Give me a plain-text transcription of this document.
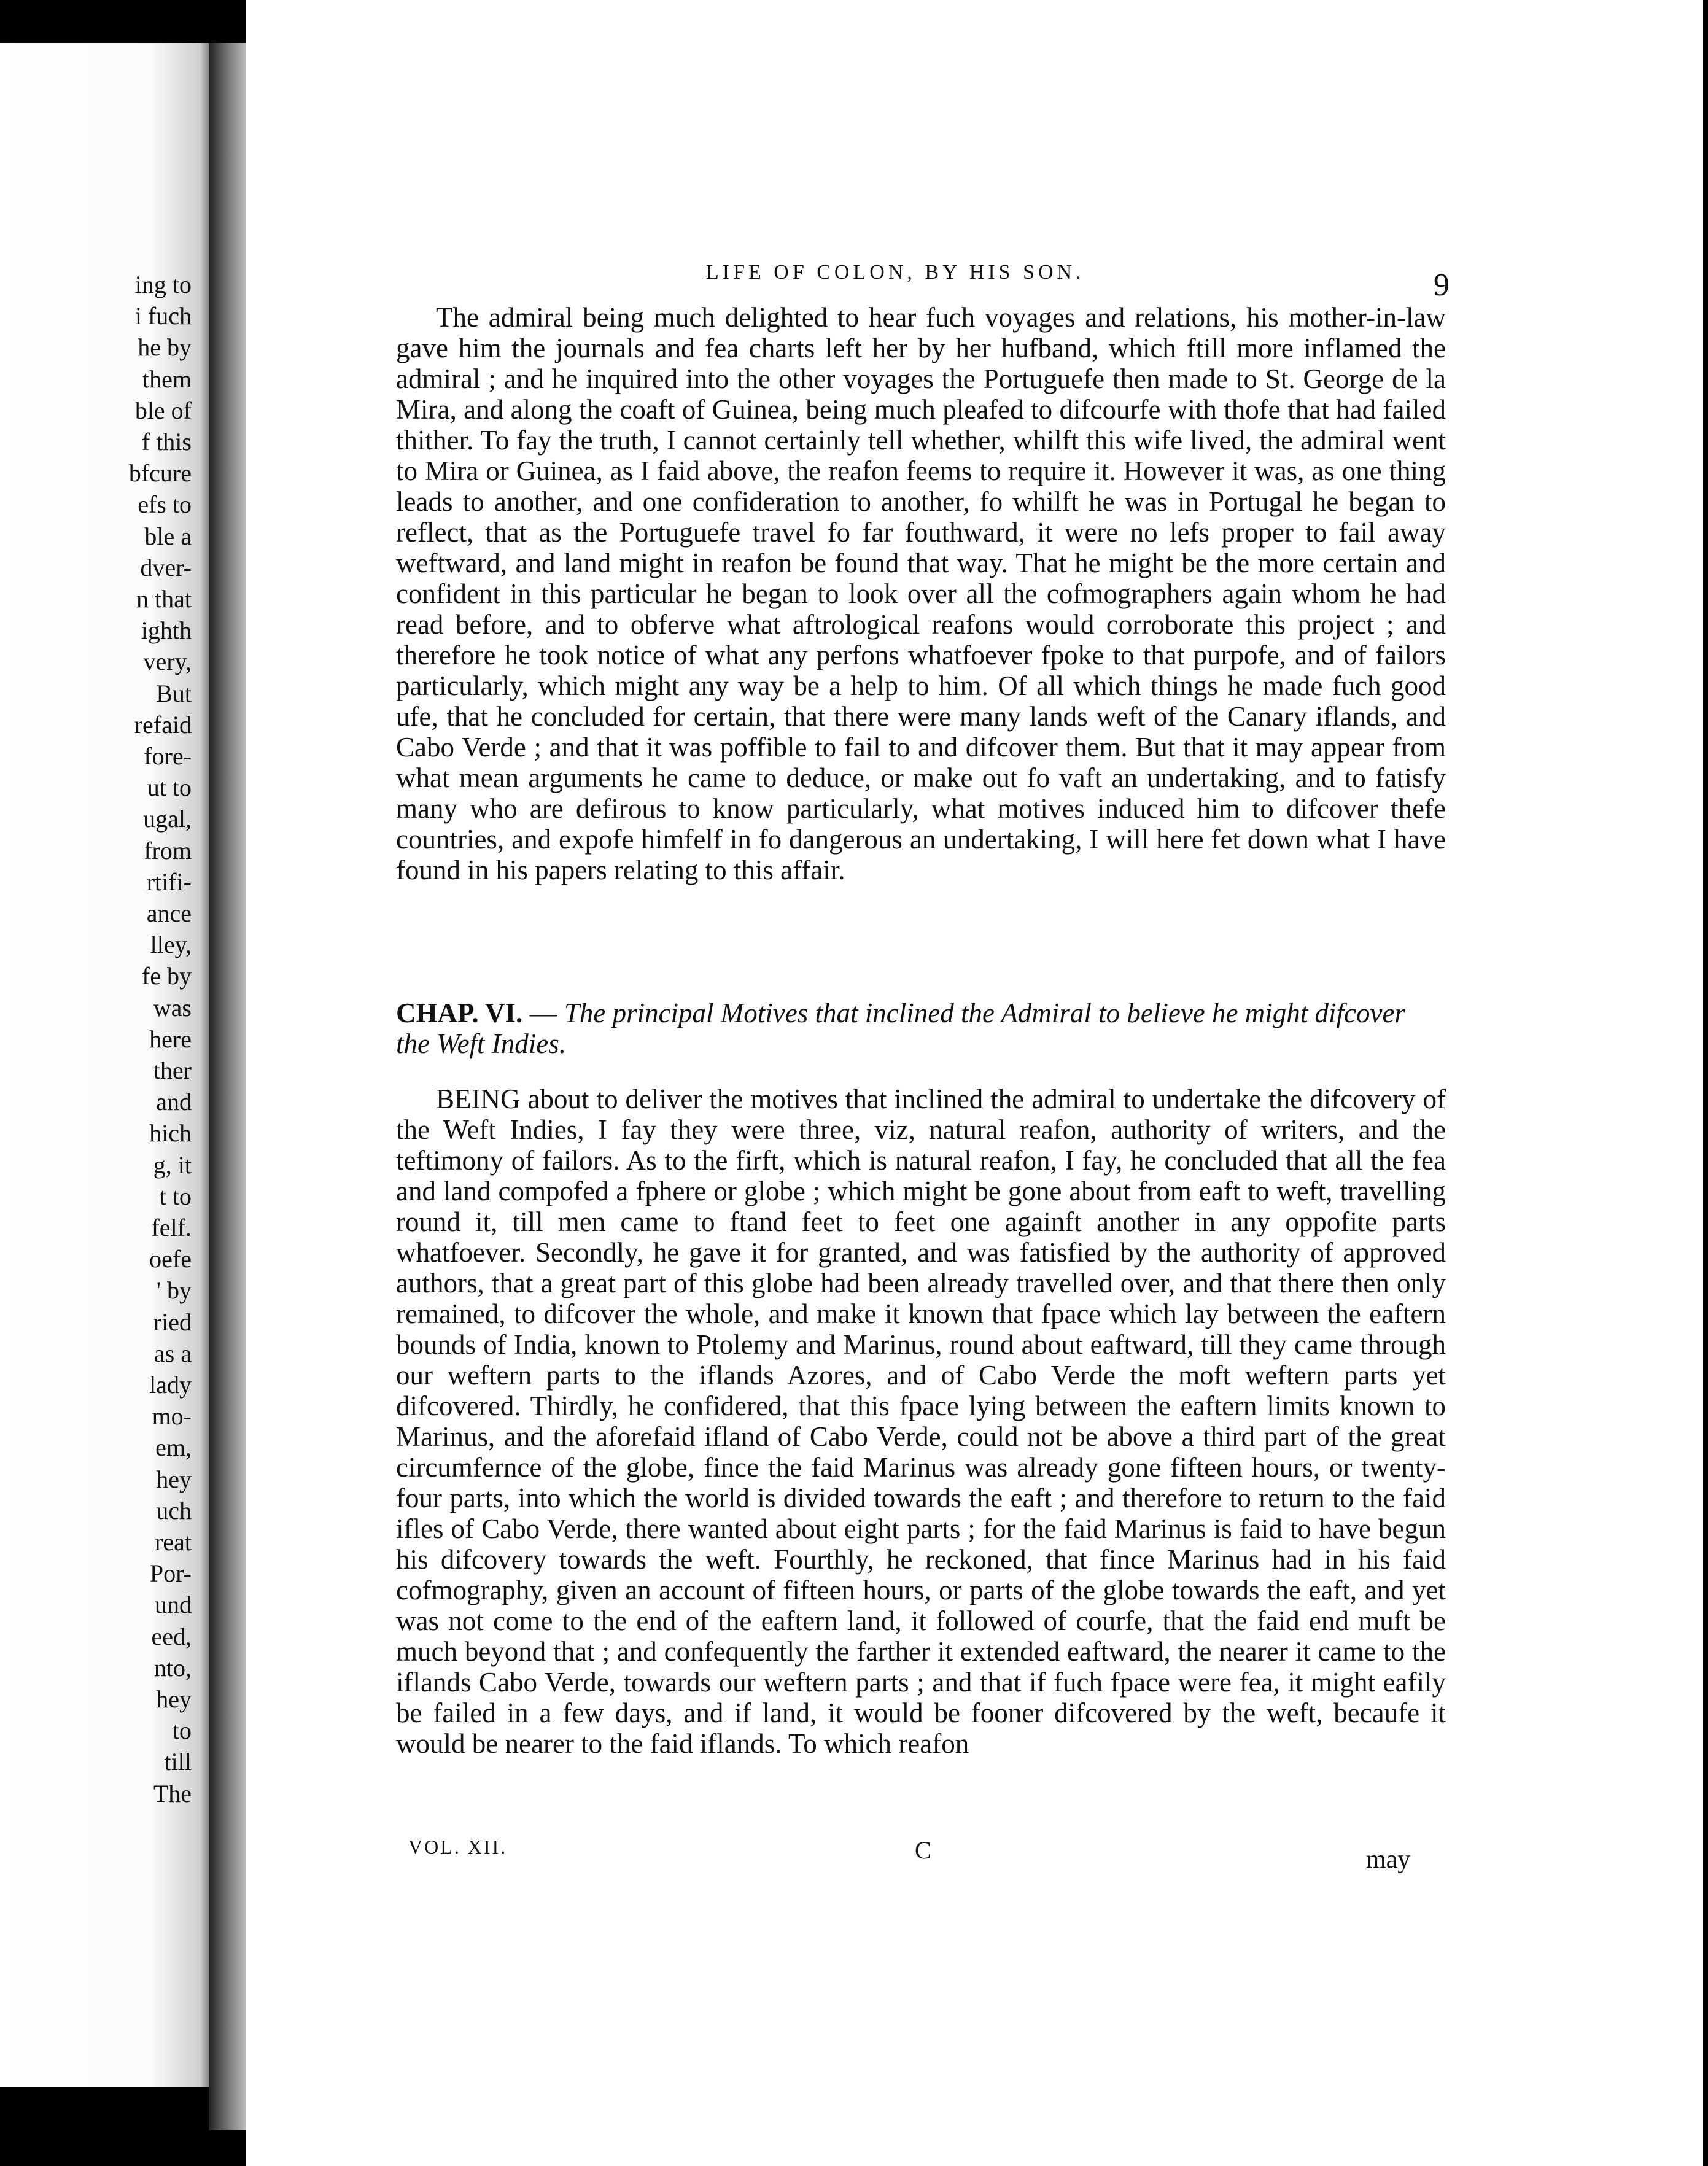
ing to
i fuch
he by
them
ble of
f this
bfcure
efs to
ble a
dver-
n that
ighth
very,
But
refaid
fore-
ut to
ugal,
from
rtifi-
ance
lley,
fe by
was
here
ther
and
hich
g, it
t to
felf.
oefe
' by
ried
as a
lady
mo-
em,
hey
uch
reat
Por-
und
eed,
nto,
hey
to
till
The
LIFE OF COLON, BY HIS SON.	9
The admiral being much delighted to hear fuch voyages and relations, his mother-in-law gave him the journals and fea charts left her by her hufband, which ftill more inflamed the admiral ; and he inquired into the other voyages the Portuguefe then made to St. George de la Mira, and along the coaft of Guinea, being much pleafed to difcourfe with thofe that had failed thither. To fay the truth, I cannot certainly tell whether, whilft this wife lived, the admiral went to Mira or Guinea, as I faid above, the reafon feems to require it. However it was, as one thing leads to another, and one confideration to another, fo whilft he was in Portugal he began to reflect, that as the Portuguefe travel fo far fouthward, it were no lefs proper to fail away weftward, and land might in reafon be found that way. That he might be the more certain and confident in this particular he began to look over all the cofmographers again whom he had read before, and to obferve what aftrological reafons would corroborate this project ; and therefore he took notice of what any perfons whatfoever fpoke to that purpofe, and of failors particularly, which might any way be a help to him. Of all which things he made fuch good ufe, that he concluded for certain, that there were many lands weft of the Canary iflands, and Cabo Verde ; and that it was poffible to fail to and difcover them. But that it may appear from what mean arguments he came to deduce, or make out fo vaft an undertaking, and to fatisfy many who are defirous to know particularly, what motives induced him to difcover thefe countries, and expofe himfelf in fo dangerous an undertaking, I will here fet down what I have found in his papers relating to this affair.
CHAP. VI. — The principal Motives that inclined the Admiral to believe he might difcover the Weft Indies.
BEING about to deliver the motives that inclined the admiral to undertake the difcovery of the Weft Indies, I fay they were three, viz, natural reafon, authority of writers, and the teftimony of failors. As to the firft, which is natural reafon, I fay, he concluded that all the fea and land compofed a fphere or globe ; which might be gone about from eaft to weft, travelling round it, till men came to ftand feet to feet one againft another in any oppofite parts whatfoever. Secondly, he gave it for granted, and was fatisfied by the authority of approved authors, that a great part of this globe had been already travelled over, and that there then only remained, to difcover the whole, and make it known that fpace which lay between the eaftern bounds of India, known to Ptolemy and Marinus, round about eaftward, till they came through our weftern parts to the iflands Azores, and of Cabo Verde the moft weftern parts yet difcovered. Thirdly, he confidered, that this fpace lying between the eaftern limits known to Marinus, and the aforefaid ifland of Cabo Verde, could not be above a third part of the great circumfernce of the globe, fince the faid Marinus was already gone fifteen hours, or twenty-four parts, into which the world is divided towards the eaft ; and therefore to return to the faid ifles of Cabo Verde, there wanted about eight parts ; for the faid Marinus is faid to have begun his difcovery towards the weft. Fourthly, he reckoned, that fince Marinus had in his faid cofmography, given an account of fifteen hours, or parts of the globe towards the eaft, and yet was not come to the end of the eaftern land, it followed of courfe, that the faid end muft be much beyond that ; and confequently the farther it extended eaftward, the nearer it came to the iflands Cabo Verde, towards our weftern parts ; and that if fuch fpace were fea, it might eafily be failed in a few days, and if land, it would be fooner difcovered by the weft, becaufe it would be nearer to the faid iflands. To which reafon
VOL. XII.	C	may
